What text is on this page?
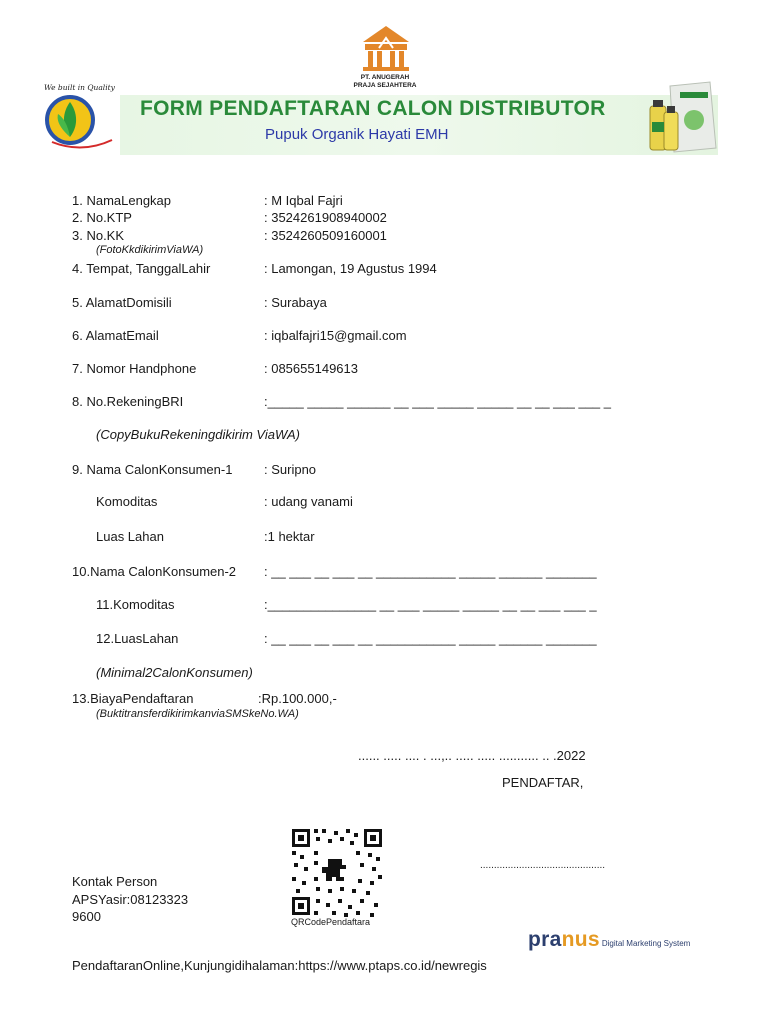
PT. ANUGERAH
PRAJA SEJAHTERA
We built in Quality
FORM PENDAFTARAN CALON DISTRIBUTOR
Pupuk Organik Hayati EMH
1. NamaLengkap	: M Iqbal Fajri
2. No.KTP	: 3524261908940002
3. No.KK	: 3524260509160001
(FotoKkdikirimViaWA)
4. Tempat, TanggalLahir	: Lamongan, 19 Agustus 1994
5. AlamatDomisili	: Surabaya
6. AlamatEmail	: iqbalfajri15@gmail.com
7. Nomor Handphone	: 085655149613
8. No.RekeningBRI	:_____ _____ ______ __ ___ _____ _____ __ __ ___ ___ _
(CopyBukuRekeningdikirim ViaWA)
9. Nama CalonKonsumen-1 : Suripno
Komoditas	: udang vanami
Luas Lahan	:1 hektar
10.Nama CalonKonsumen-2 : __ ___ __ ___ __ ___________ _____ ______ _______
11.Komoditas	:_______________ __ ___ _____ _____ __ __ ___ ___ _
12.LuasLahan	: __ ___ __ ___ __ ___________ _____ ______ _______
(Minimal2CalonKonsumen)
13.BiayaPendaftaran	:Rp.100.000,-
(BuktitransferdikirimkanviaSMSkeNo.WA)
...... ..... .... . ...,.. ..... ..... ........... .. .2022
PENDAFTAR,
.............................................
QRCodePendaftara
Kontak Person
APSYasir:08123323
9600
pranus Digital Marketing System
PendaftaranOnline,Kunjungidihalaman:https://www.ptaps.co.id/newregis
